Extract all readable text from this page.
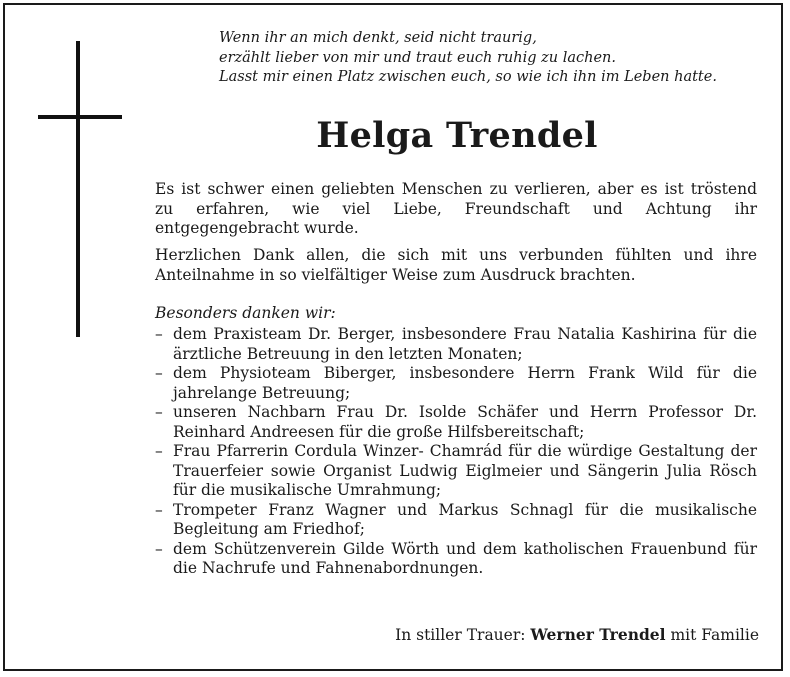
Wenn ihr an mich denkt, seid nicht traurig,
erzählt lieber von mir und traut euch ruhig zu lachen.
Lasst mir einen Platz zwischen euch, so wie ich ihn im Leben hatte.
Helga Trendel
Es ist schwer einen geliebten Menschen zu verlieren, aber es ist tröstend zu erfahren, wie viel Liebe, Freundschaft und Achtung ihr entgegengebracht wurde.
Herzlichen Dank allen, die sich mit uns verbunden fühlten und ihre Anteilnahme in so vielfältiger Weise zum Ausdruck brachten.
Besonders danken wir:
– dem Praxisteam Dr. Berger, insbesondere Frau Natalia Kashirina für die ärztliche Betreuung in den letzten Monaten;
– dem Physioteam Biberger, insbesondere Herrn Frank Wild für die jahrelange Betreuung;
– unseren Nachbarn Frau Dr. Isolde Schäfer und Herrn Professor Dr. Reinhard Andreesen für die große Hilfsbereitschaft;
– Frau Pfarrerin Cordula Winzer- Chamrád für die würdige Gestaltung der Trauerfeier sowie Organist Ludwig Eiglmeier und Sängerin Julia Rösch für die musikalische Umrahmung;
– Trompeter Franz Wagner und Markus Schnagl für die musikalische Begleitung am Friedhof;
– dem Schützenverein Gilde Wörth und dem katholischen Frauenbund für die Nachrufe und Fahnenabordnungen.
In stiller Trauer: Werner Trendel mit Familie
